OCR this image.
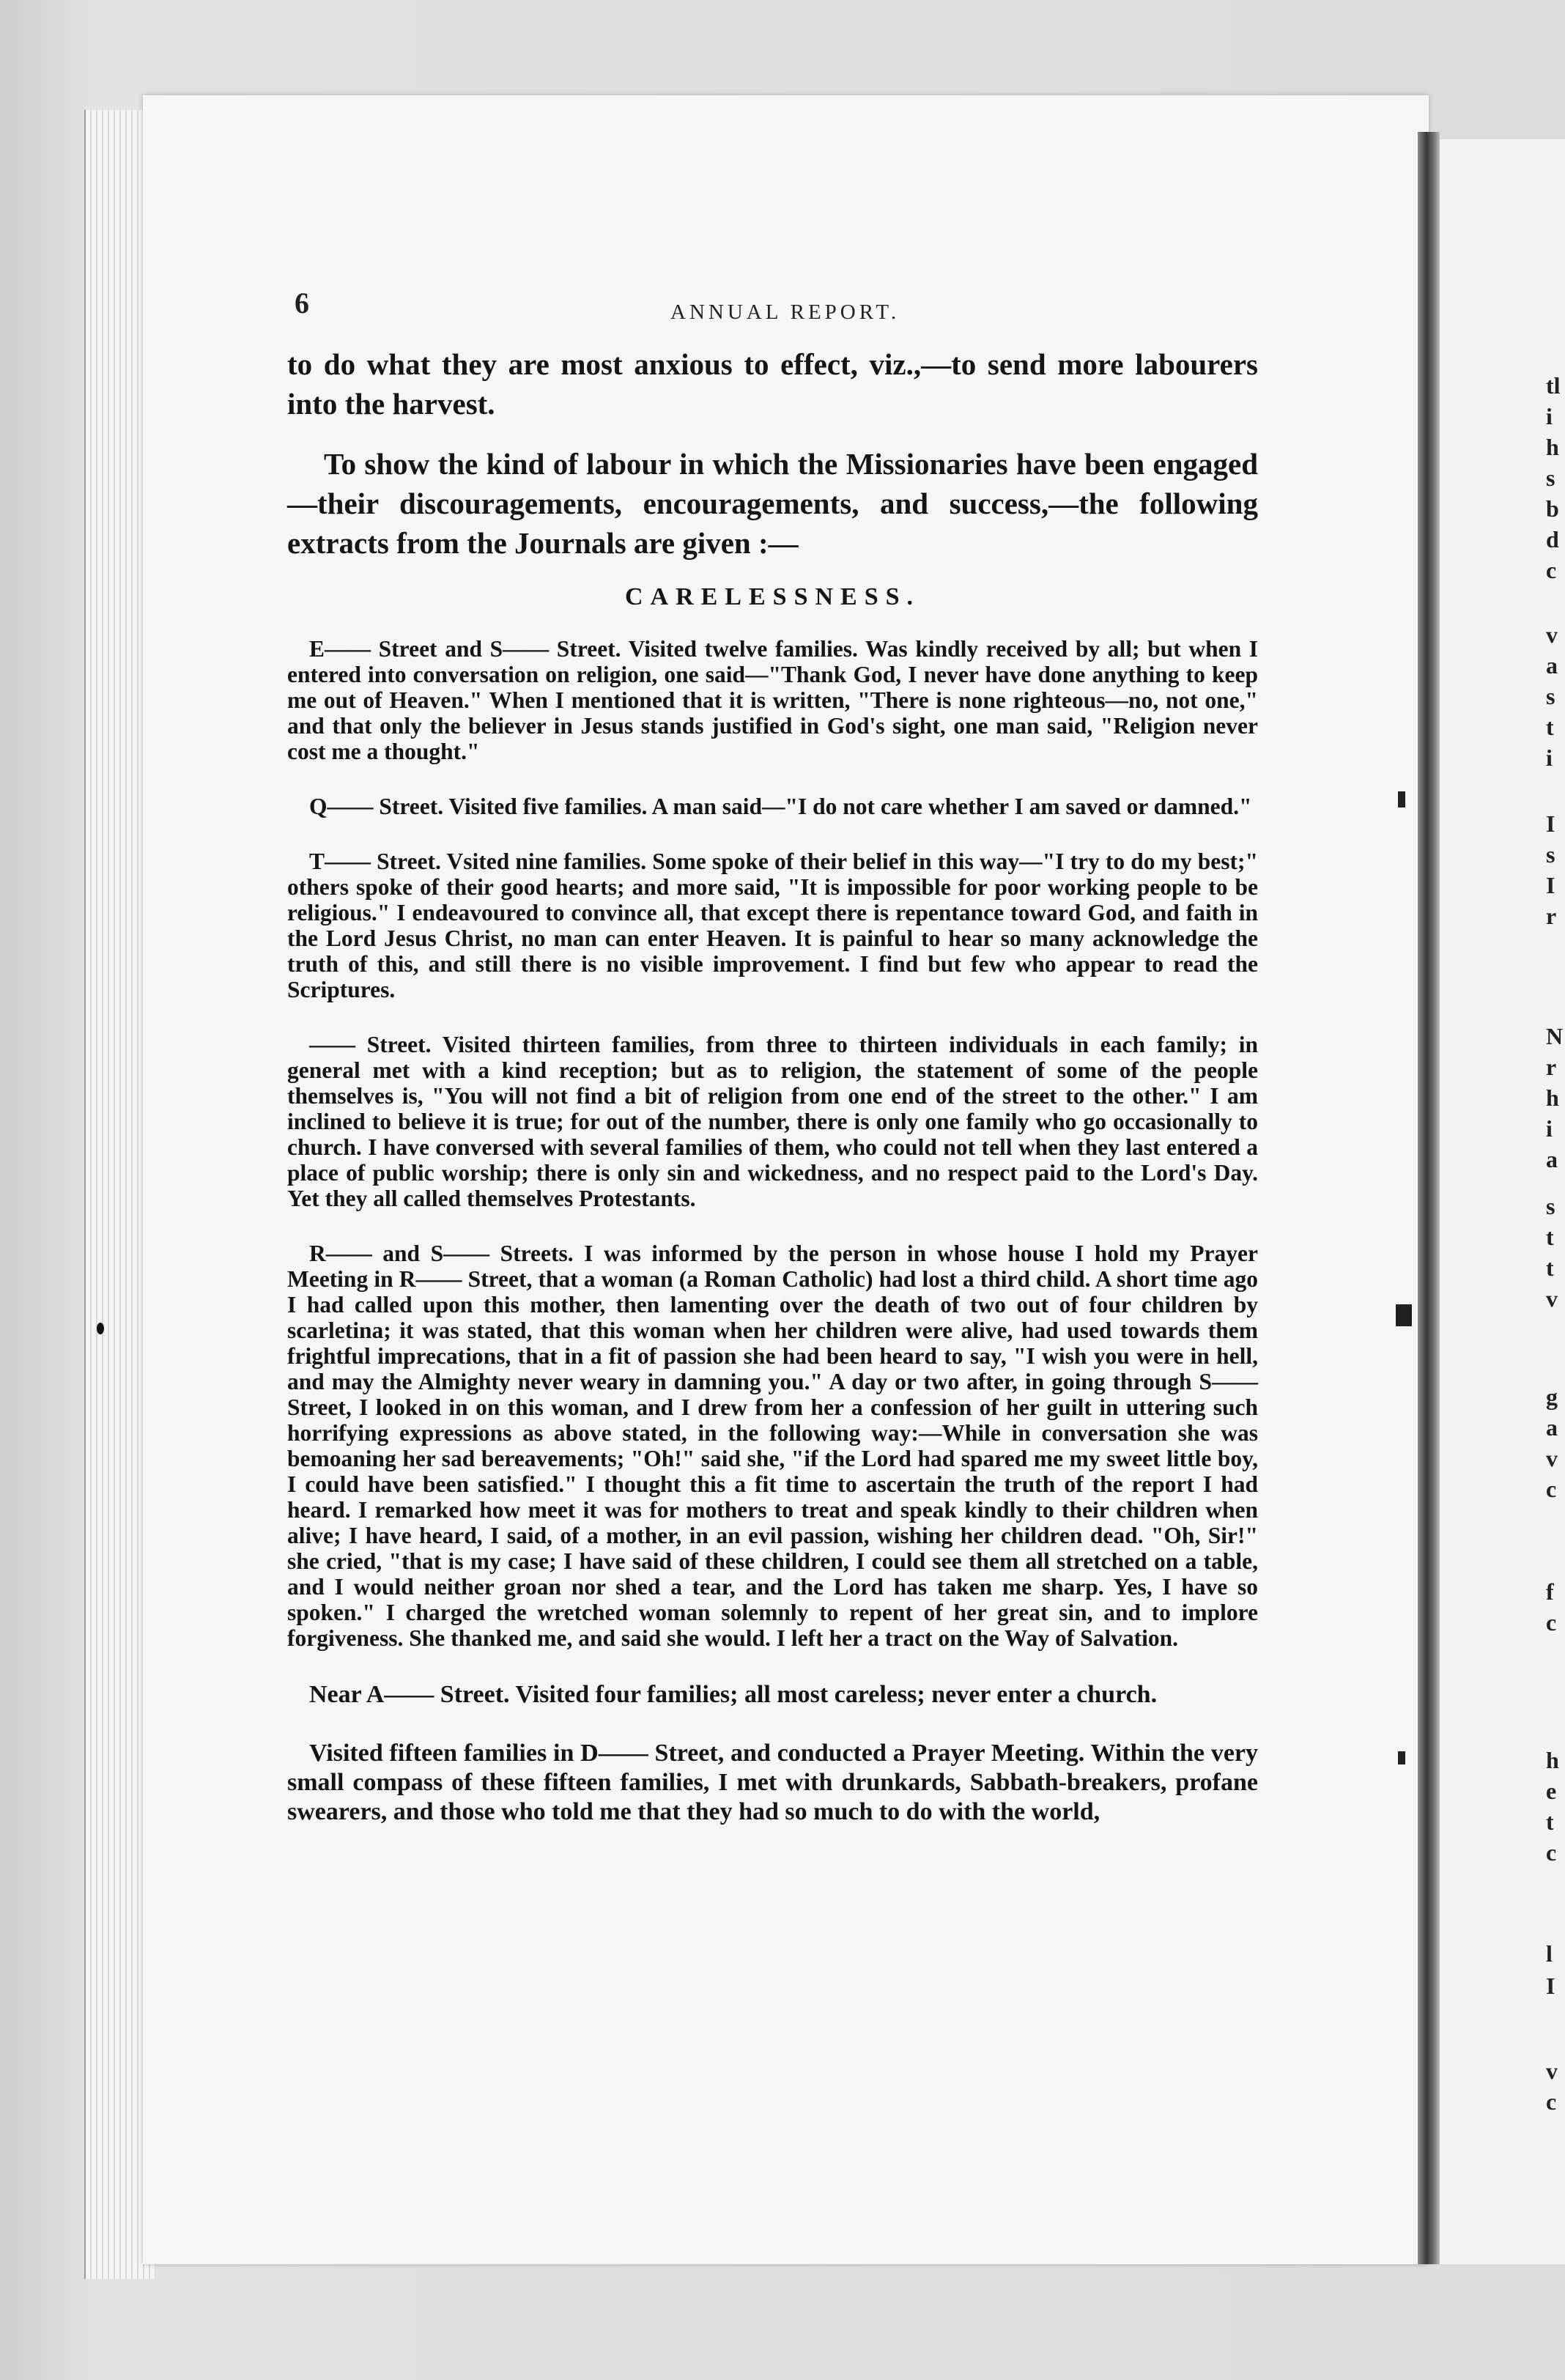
tl
i
h
s
b
d
c
v
a
s
t
i
I
s
I
r
N
r
h
i
a
s
t
t
v
g
a
v
c
f
c
h
e
t
c
l
I
v
c
6	ANNUAL REPORT.

to do what they are most anxious to effect, viz.,—to send more labourers into the harvest.

To show the kind of labour in which the Missionaries have been engaged—their discouragements, encouragements, and success,—the following extracts from the Journals are given :—

CARELESSNESS.

E—— Street and S—— Street. Visited twelve families. Was kindly received by all; but when I entered into conversation on religion, one said—"Thank God, I never have done anything to keep me out of Heaven." When I mentioned that it is written, "There is none righteous—no, not one," and that only the believer in Jesus stands justified in God's sight, one man said, "Religion never cost me a thought."

Q—— Street. Visited five families. A man said—"I do not care whether I am saved or damned."

T—— Street. Vsited nine families. Some spoke of their belief in this way—"I try to do my best;" others spoke of their good hearts; and more said, "It is impossible for poor working people to be religious." I endeavoured to convince all, that except there is repentance toward God, and faith in the Lord Jesus Christ, no man can enter Heaven. It is painful to hear so many acknowledge the truth of this, and still there is no visible improvement. I find but few who appear to read the Scriptures.

—— Street. Visited thirteen families, from three to thirteen individuals in each family; in general met with a kind reception; but as to religion, the statement of some of the people themselves is, "You will not find a bit of religion from one end of the street to the other." I am inclined to believe it is true; for out of the number, there is only one family who go occasionally to church. I have conversed with several families of them, who could not tell when they last entered a place of public worship; there is only sin and wickedness, and no respect paid to the Lord's Day. Yet they all called themselves Protestants.

R—— and S—— Streets. I was informed by the person in whose house I hold my Prayer Meeting in R—— Street, that a woman (a Roman Catholic) had lost a third child. A short time ago I had called upon this mother, then lamenting over the death of two out of four children by scarletina; it was stated, that this woman when her children were alive, had used towards them frightful imprecations, that in a fit of passion she had been heard to say, "I wish you were in hell, and may the Almighty never weary in damning you." A day or two after, in going through S—— Street, I looked in on this woman, and I drew from her a confession of her guilt in uttering such horrifying expressions as above stated, in the following way:—While in conversation she was bemoaning her sad bereavements; "Oh!" said she, "if the Lord had spared me my sweet little boy, I could have been satisfied." I thought this a fit time to ascertain the truth of the report I had heard. I remarked how meet it was for mothers to treat and speak kindly to their children when alive; I have heard, I said, of a mother, in an evil passion, wishing her children dead. "Oh, Sir!" she cried, "that is my case; I have said of these children, I could see them all stretched on a table, and I would neither groan nor shed a tear, and the Lord has taken me sharp. Yes, I have so spoken." I charged the wretched woman solemnly to repent of her great sin, and to implore forgiveness. She thanked me, and said she would. I left her a tract on the Way of Salvation.

Near A—— Street. Visited four families; all most careless; never enter a church.

Visited fifteen families in D—— Street, and conducted a Prayer Meeting. Within the very small compass of these fifteen families, I met with drunkards, Sabbath-breakers, profane swearers, and those who told me that they had so much to do with the world,
